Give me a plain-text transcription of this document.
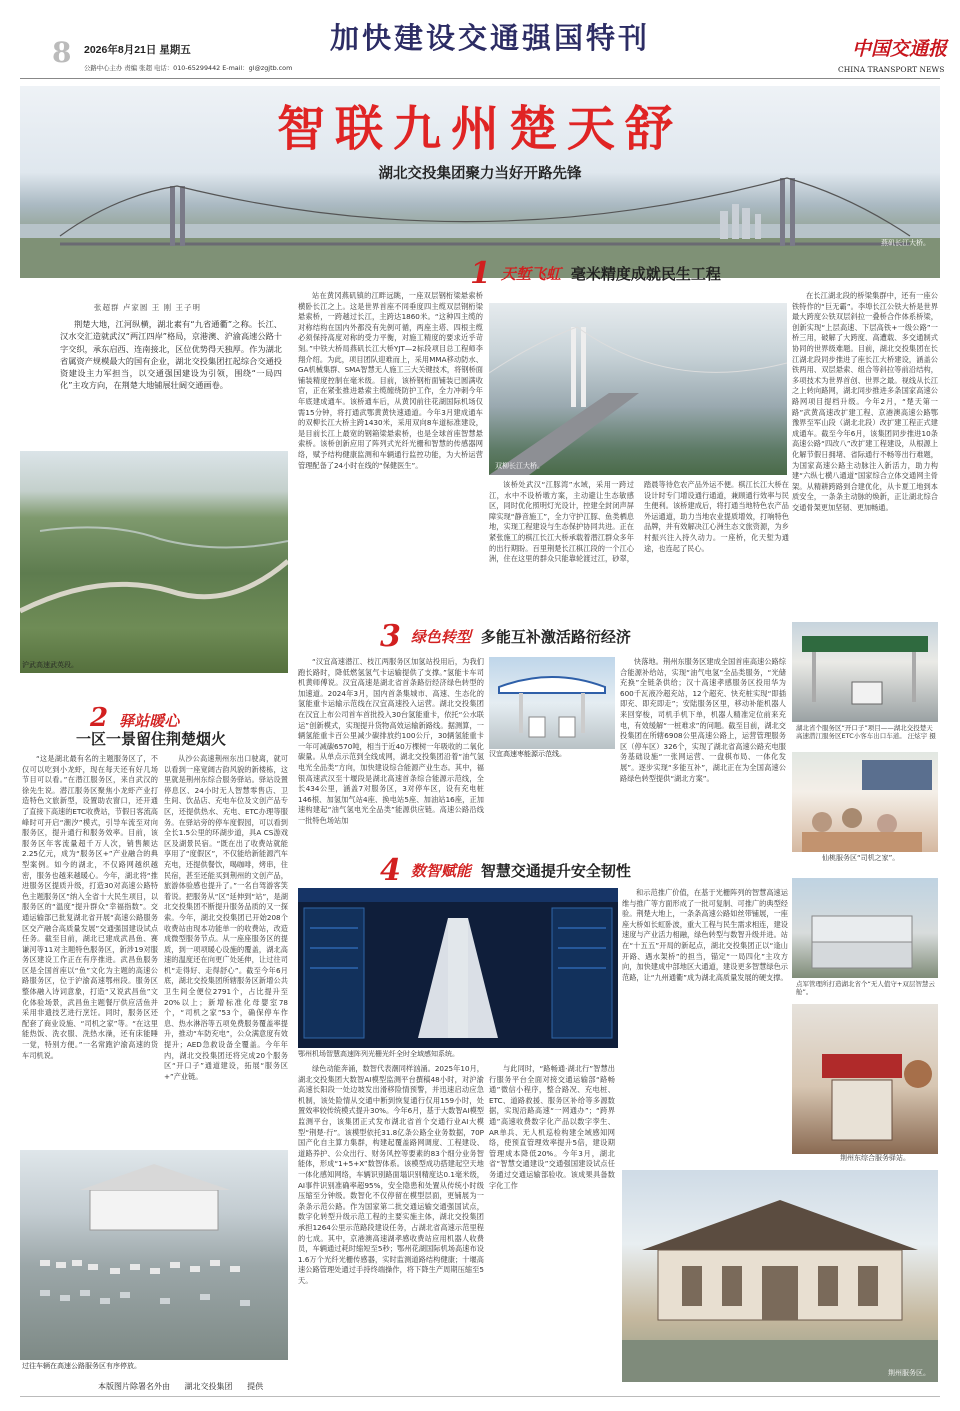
8 2026年8月21日 星期五
公路中心主办 责编 张超 电话：010-65299442 E-mail：gl@zgjtb.com
加快建设交通强国特刊	中国交通报
CHINA TRANSPORT NEWS
燕矶长江大桥。
智联九州楚天舒
湖北交投集团聚力当好开路先锋
1 天堑飞虹 毫米精度成就民生工程
张超群 卢家圆 王 刚 王子明
荆楚大地，江河纵横，湖北素有“九省通衢”之称。长江、汉水交汇造就武汉“两江四岸”格局，京港澳、沪渝高速公路十字交织，承东启西、连南接北，区位优势得天独厚。作为湖北省属资产规模最大的国有企业，湖北交投集团扛起综合交通投资建设主力军担当，以交通强国建设为引领，围绕“一局四化”主攻方向，在荆楚大地铺展壮阔交通画卷。
沪武高速武英段。
站在黄冈燕矶镇的江畔远眺，一座双层钢桁梁悬索桥横卧长江之上。这是世界首座不同垂度四主缆双层钢桁梁悬索桥，一跨越过长江，主跨达1860米。“这种四主缆的对称结构在国内外都没有先例可循，两座主塔、四根主缆必须保持高度对称的受力平衡，对施工精度的要求近乎苛刻。”中铁大桥局燕矶长江大桥YJT—2标段项目总工程师李翔介绍。为此，项目团队迎难而上，采用MMA移动防水、GA机械集群、SMA智慧无人施工三大关键技术，将钢桥面铺装精度控制在毫米级。目前，该桥钢桁面铺装已圆满收官，正在紧张推进悬索主缆缠绕防护工作，全力冲刺今年年底建成通车。该桥通车后，从黄冈前往花湖国际机场仅需15分钟，将打通武鄂黄黄快速通道。今年3月建成通车的双柳长江大桥主跨1430米，采用双向8车道标准建设，是目前长江上最宽的钢箱梁悬索桥，也是全球首座智慧悬索桥。该桥创新应用了阵列式光纤光栅和智慧的传感器网络，赋予结构健康监测和车辆通行监控功能，为大桥运营管理配备了24小时在线的“保健医生”。	双柳长江大桥。
该桥处武汉“江豚湾”水域，采用一跨过江，水中不设桥墩方案，主动避让生态敏感区，同时优化照明灯光设计，控建全封闭声屏障实现“静音施工”，全力守护江豚、鱼类栖息地，实现工程建设与生态保护协同共进。正在紧张施工的棋江长江大桥承载着潜江群众多年的出行期盼。百里荆楚长江棋江段的一个江心洲，住在这里的群众只能靠轮渡过江，砂翠，踏晨等待危农产品外运不便。棋江长江大桥在设计时专门增设通行通道，兼顾通行效率与民生便利。该桥建成后，将打通当地特色农产品外运通道，助力当地农业提质增效，打响特色品牌，并有效解决江心洲生态文旅资源，为乡村振兴注入持久动力。一座桥，化天堑为通途，也连起了民心。
在长江湖北段的桥梁集群中，还有一座公铁特作的“巨无霸”。李埠长江公铁大桥是世界最大跨度公铁双层斜拉一叠桥合作体系桥梁，创新实现“上层高速、下层高铁+一级公路”一桥三用，破解了大跨度、高遭载、多交通制式协同的世界级难题。目前，湖北交投集团在长江湖北段同步推进了座长江大桥建设，涵盖公铁两用、双层悬索、组合等斜拉等前沿结构，多项技术为世界首创、世界之最。视线从长江之上转向路网，湖北同步推进多条国家高速公路网项目提档升级。今年2月，“楚天第一路”武黄高速改扩建工程、京港澳高速公路鄂豫界至军山段（湖北北段）改扩建工程正式建成通车。截至今年6月，该集团同步推进10条高速公路“四改八”改扩建工程建设，从根源上化解节假日拥堵、省际通行不畅等出行难题，为国家高速公路主动脉注入新活力，助力构建“六纵七横八通道”国家综合立体交通网主骨架。从精耕跨路到合建优化，从卡夏工地到本质安全，一条条主动脉的焕新，正让湖北综合交通骨架更加坚韧、更加畅通。
3 绿色转型 多能互补激活路衍经济
2 驿站暖心
一区一景留住荆楚烟火
“这是湖北最有名的主题服务区了，不仅可以吃到小龙虾，现在每天还有好几场节目可以看。”在潜江服务区，来自武汉的徐先生说。潜江服务区聚焦小龙虾产业打造特色文旅新型，设置助农窗口，还开通了直接下高速的ETC收费站，节假日客流高峰时可开启“潮汐”模式，引导车流至对向服务区，提升通行和服务效率。目前，该服务区年客流量超千万人次，销售额达2.25亿元，成为“服务区+”产业融合的典型案例。如今的湖北，不仅路网越织越密，服务也越来越暖心。今年，湖北将“推进服务区提质升级，打造30对高速公路特色主题服务区”纳入全省十大民生项目，以服务区的“温度”提升群众“幸福指数”。交通运输部已批复湖北省开展“高速公路服务区交产融合高质量发展”交通强国建设试点任务。截至目前，湖北已建成武昌鱼、赛谦河等11对主题特色服务区，新涉19对服务区建设工作正在有序推进。武昌鱼服务区是全国首座以“鱼”文化为主题的高速公路服务区，位于沪渝高速鄂州段。服务区整体融入诗词意象，打造“又说武昌鱼”文化体验场景，武昌鱼主题餐厅供应活鱼并采用非遗技艺进行烹饪。同时，服务区还配套了商业设施、“司机之家”等。“在这里能热饭、洗衣服、洗热水澡，还有床能睡一觉，特别方便。”一名常跑沪渝高速的货车司机说。
从沙公高速荆州东出口驶离，就可以看到一座宽阔古韵风貌的新楼栋，这里就是荆州东综合服务驿站。驿站设置停息区、24小时无人智慧零售店、卫生间、饮品店、充电车位及文创产品专区，还提供热水、充电、ETC办理等服务。在驿站旁的停车度假园，可以看到全长1.5公里的环湖步道，具A CS游戏区及湖景民宿。“既在出了收费站就能享用了“度假区”，不仅能给新能源汽车充电，还提供餐饮，喝咖啡，烤串，住民宿，甚至还能买到荆州的文创产品，旅游体验感也提升了。”一名自驾游客笑着说。把服务从“区”延伸到“站”，是湖北交投集团不断提升服务品质的又一探索。今年，湖北交投集团已开始208个收费站由现本功能单一的收费站，改造成微型服务节点。从一座座服务区的提质，到一项项暖心设施的覆盖，湖北高速的温度还在向更广处延伸，让过往司机“走得好、走得舒心”。截至今年6月底，湖北交投集团所辖服务区新增公共卫生间全便位2791个，占比提升至20%以上；新增标准化母婴室78个，“司机之家”53个，确保停车作息、热水淋浴等五项免费服务覆盖率提升，推动“车防充电”，公众满意度有效提升；AED急救设备全覆盖。今年年内，湖北交投集团还将完成20个服务区“开口子”通道建设，拓展“服务区+”产业链。
过往车辆在高速公路服务区有序停放。
“汉宜高速潜江、枝江两服务区加氢站投用后，为我们跑长路时，降低燃氢氢气卡运输提供了支撑。”氢能卡车司机黄师傅说。汉宜高速是湖北省首条路衍经济绿色转型的加速道。2024年3月，国内首条集城市、高速、生态化的氢能重卡运输示范线在汉宜高速投入运营。湖北交投集团在汉宜上布公司首车首批投入30台氢能重卡，依托“公水联运”创新模式，实现提升货物高效运输新路线。据测算，一辆氢能重卡百公里减少碳排放约100公斤，30辆氢能重卡一年可减碳6570吨，相当于近40万棵树一年吸收的二氧化碳量。从单点示范到全线成网，湖北交投集团沿着“油气氢电光全品类”方向，加快建设综合能源产业生态。其中，福银高速武汉至十堰段是湖北高速首条综合能源示范线，全长434公里，涵盖7对服务区，3对停车区，设有充电桩146根、加氢加气站4座、换电站5座、加油站16座，正加速构建起“油气氢电光全品类”能源供应链。高速公路沿线一批特色场站加
汉宜高速枣能源示范线。
快落地。荆州东服务区建成全国首座高速公路综合能源补给站，实现“油气电氢”全品类服务，“光储充换”全链条供给；汉十高速孝感服务区投用华为600千瓦液冷超充站，12个超充、快充桩实现“即插即充、即充即走”；安陆服务区里，移动补能机器人来回穿梭，司机手机下单，机器人精准定位前来充电，有效缓解“一桩难求”的问题。截至目前，湖北交投集团在所辖6908公里高速公路上，运营管理服务区（停车区）326个，实现了湖北省高速公路充电服务基础设施“一张网运营、一盘棋布局、一体化发展”。逐步实现“多能互补”，湖北正在为全国高速公路绿色转型提供“湖北方案”。
湖北省个服务区“开口子”项目——湖北交投楚天高速潜江服务区ETC小客车出口车道。 汪炫宇 摄
仙桃服务区“司机之家”。
4 数智赋能 智慧交通提升安全韧性
鄂州机场智慧高速阵列光栅光纤全时全域感知系统。
绿色动能奔涌，数智代表潮同样汹涌。2025年10月，湖北交投集团大数智AI模型监测平台撰稿48小时，对沪渝高速长阳段一处边坡发出滑移险情预警，并迅速启动应急机制，该处险情从交通中断到恢复通行仅用159小时，处置效率较传统模式提升30%。今年6月，基于大数智AI模型监测平台，该集团正式发布湖北省首个交通行业AI大模型“荆楚·行”。该模型依托31.8亿条公路全业务数据，70P国产化自主算力集群，构建起覆盖路网调度、工程建设、道路养护、公众出行、财务风控等要素的83个细分业务智能体，形成“1+5+X”数智体系。该模型成功搭建起空天地一体化感知网络，车辆识别路面塌识别精度达0.1毫米级，AI事件识别准确率超95%，安全隐患和处置从传统小时级压缩至分钟级。数智化不仅停留在模型层面，更铺展为一条条示范公路。作为国家第二批交通运输交通强国试点，数字化转型升级示范工程的主要实施主体，湖北交投集团承担1264公里示范路段建设任务，占湖北省高速示范里程的七成。其中，京港澳高速湖孝感收费站应用机器人收费员，车辆通过耗时缩短至5秒；鄂州花湖国际机场高速布设1.6万个光纤光栅传感器，实时监测道路结构健康；十堰高速公路管理处通过手持终端操作，将下降生产周期压缩至5天。
与此同时，“路畅通·湖北行”智慧出行服务平台全面对接交通运输部“路畅通”微信小程序，整合路况、充电桩、ETC、道路救援、服务区补给等多源数据，实现沿路高速“一网通办”；“跨界通”高速收费数字化产品以数字孪生、AR单兵、无人机巡检构建全域感知网络，使预直管理效率提升5倍，建设期管理成本降低20%。今年3月，湖北省“智慧交通建设”交通强国建设试点任务通过交通运输部验收。该成果具备数字化工作
和示范推广价值，在基于光栅阵列的智慧高速运维与推广等方面形成了一批可复制、可推广的典型经验。荆楚大地上，一条条高速公路如丝带铺展，一座座大桥如长虹卧波，重大工程与民生需求相连，建设速度与产业活力相融，绿色转型与数智升级并进。站在“十五五”开局的新起点，湖北交投集团正以“逢山开路、遇水架桥”的担当，锚定“一局四化”主攻方向，加快建成中部地区大通道，建设更多智慧绿色示范路，让“九州通衢”成为湖北高质量发展的硬支撑。
点军管理所打造湖北省个“无人值守+双层智慧云舱”。
荆州东综合服务驿站。
荆州服务区。
本版图片除署名外由 湖北交投集团 提供
